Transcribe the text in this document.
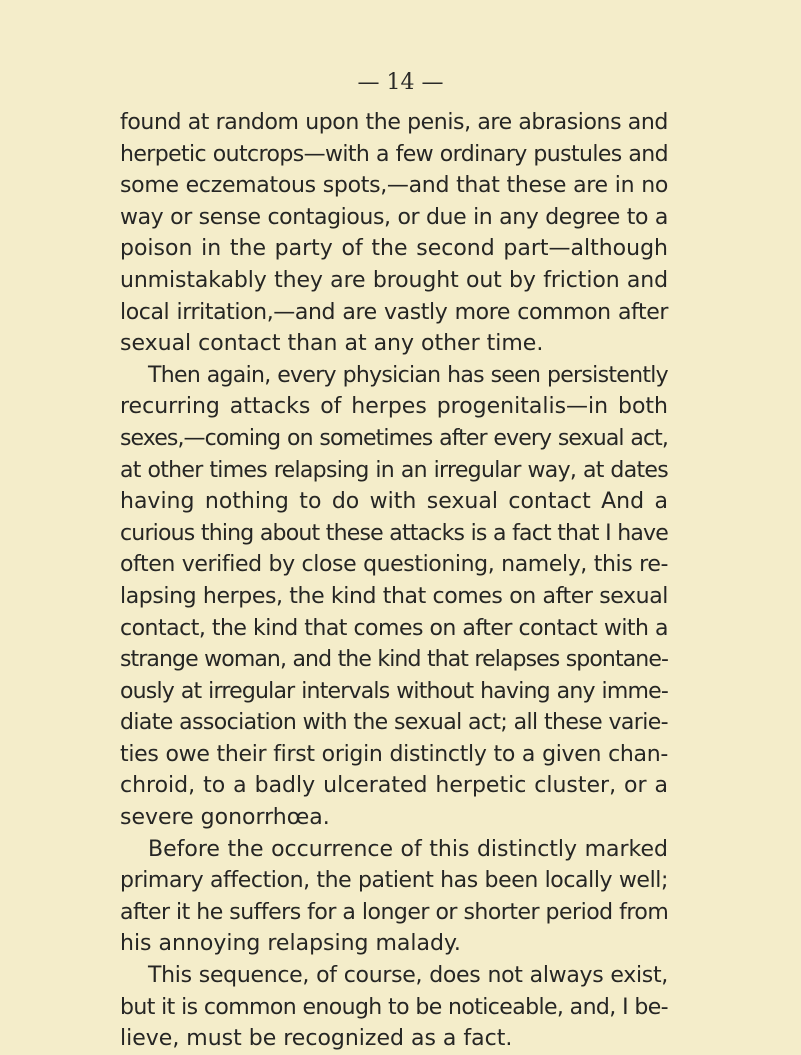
— 14 —
found at random upon the penis, are abrasions and
herpetic outcrops—with a few ordinary pustules and
some eczematous spots,—and that these are in no
way or sense contagious, or due in any degree to a
poison in the party of the second part—although
unmistakably they are brought out by friction and
local irritation,—and are vastly more common after
sexual contact than at any other time.
Then again, every physician has seen persistently
recurring attacks of herpes progenitalis—in both
sexes,—coming on sometimes after every sexual act,
at other times relapsing in an irregular way, at dates
having nothing to do with sexual contact And a
curious thing about these attacks is a fact that I have
often verified by close questioning, namely, this re-
lapsing herpes, the kind that comes on after sexual
contact, the kind that comes on after contact with a
strange woman, and the kind that relapses spontane-
ously at irregular intervals without having any imme-
diate association with the sexual act; all these varie-
ties owe their first origin distinctly to a given chan-
chroid, to a badly ulcerated herpetic cluster, or a
severe gonorrhœa.
Before the occurrence of this distinctly marked
primary affection, the patient has been locally well;
after it he suffers for a longer or shorter period from
his annoying relapsing malady.
This sequence, of course, does not always exist,
but it is common enough to be noticeable, and, I be-
lieve, must be recognized as a fact.
